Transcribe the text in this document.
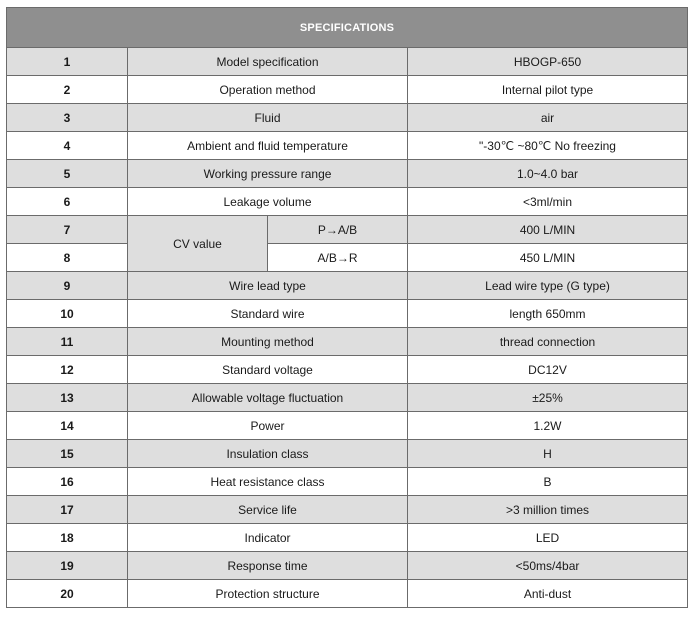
SPECIFICATIONS			
1	Model specification		HBOGP-650
2	Operation method		Internal pilot type
3	Fluid		air
4	Ambient and fluid temperature		"-30℃ ~80℃ No freezing
5	Working pressure range		1.0~4.0 bar
6	Leakage volume		<3ml/min
7	CV value	P→A/B	400 L/MIN
8		A/B→R	450 L/MIN
9	Wire lead type		Lead wire type (G type)
10	Standard wire		length 650mm
11	Mounting method		thread connection
12	Standard voltage		DC12V
13	Allowable voltage fluctuation		±25%
14	Power		1.2W
15	Insulation class		H
16	Heat resistance class		B
17	Service life		>3 million times
18	Indicator		LED
19	Response time		<50ms/4bar
20	Protection structure		Anti-dust
